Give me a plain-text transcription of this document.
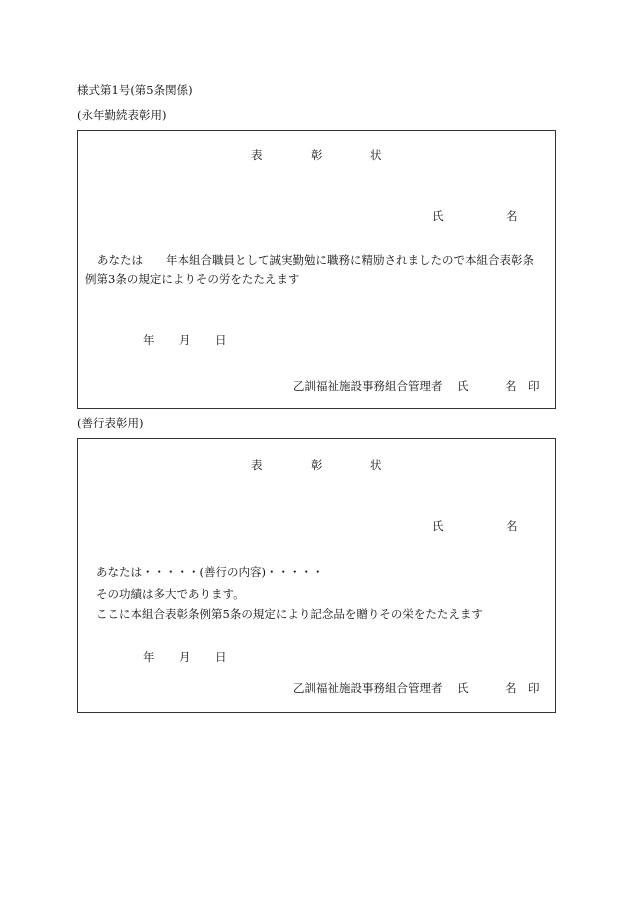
様式第1号(第5条関係)
(永年勤続表彰用)
表	彰	状
氏	名
あなたは　　年本組合職員として誠実勤勉に職務に精励されましたので本組合表彰条
例第3条の規定によりその労をたたえます
年 月 日
乙訓福祉施設事務組合管理者 氏	名 印
(善行表彰用)
表	彰	状
氏	名
あなたは・・・・・(善行の内容)・・・・・
その功績は多大であります。
ここに本組合表彰条例第5条の規定により記念品を贈りその栄をたたえます
年 月 日
乙訓福祉施設事務組合管理者 氏	名 印
